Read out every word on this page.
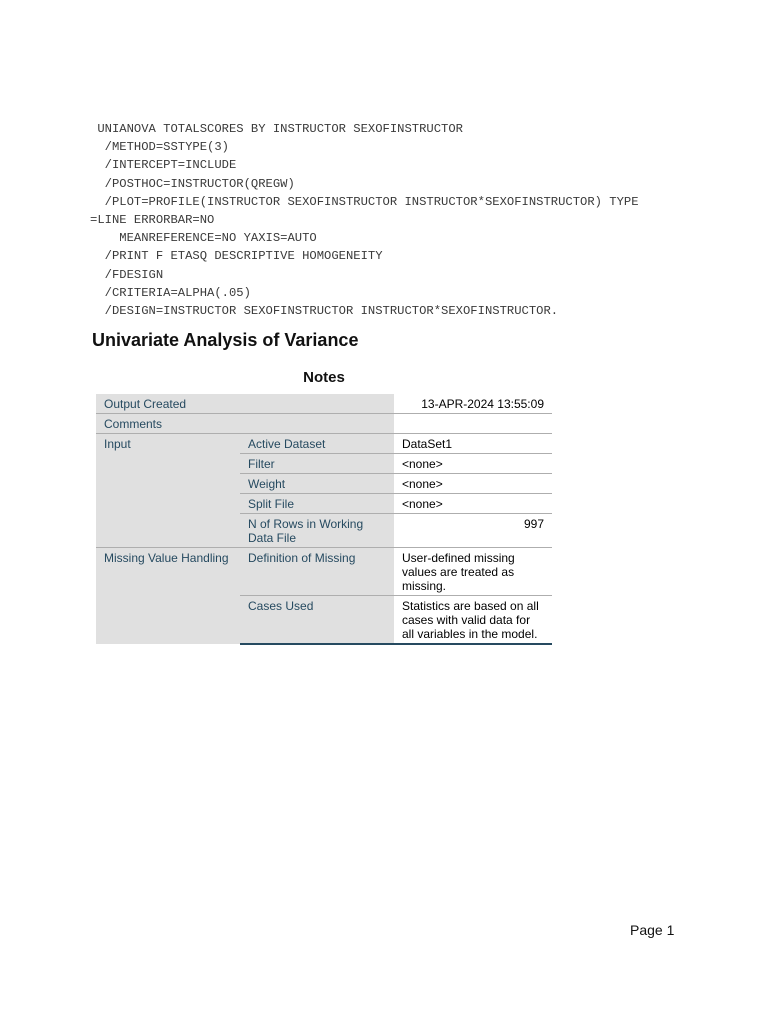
UNIANOVA TOTALSCORES BY INSTRUCTOR SEXOFINSTRUCTOR
/METHOD=SSTYPE(3)
/INTERCEPT=INCLUDE
/POSTHOC=INSTRUCTOR(QREGW)
/PLOT=PROFILE(INSTRUCTOR SEXOFINSTRUCTOR INSTRUCTOR*SEXOFINSTRUCTOR) TYPE
=LINE ERRORBAR=NO
MEANREFERENCE=NO YAXIS=AUTO
/PRINT F ETASQ DESCRIPTIVE HOMOGENEITY
/FDESIGN
/CRITERIA=ALPHA(.05)
/DESIGN=INSTRUCTOR SEXOFINSTRUCTOR INSTRUCTOR*SEXOFINSTRUCTOR.
Univariate Analysis of Variance
Notes
Output Created		13-APR-2024 13:55:09
Comments		
Input	Active Dataset	DataSet1
	Filter	<none>
	Weight	<none>
	Split File	<none>
	N of Rows in Working Data File	997
Missing Value Handling	Definition of Missing	User-defined missing values are treated as missing.
	Cases Used	Statistics are based on all cases with valid data for all variables in the model.
Page 1
